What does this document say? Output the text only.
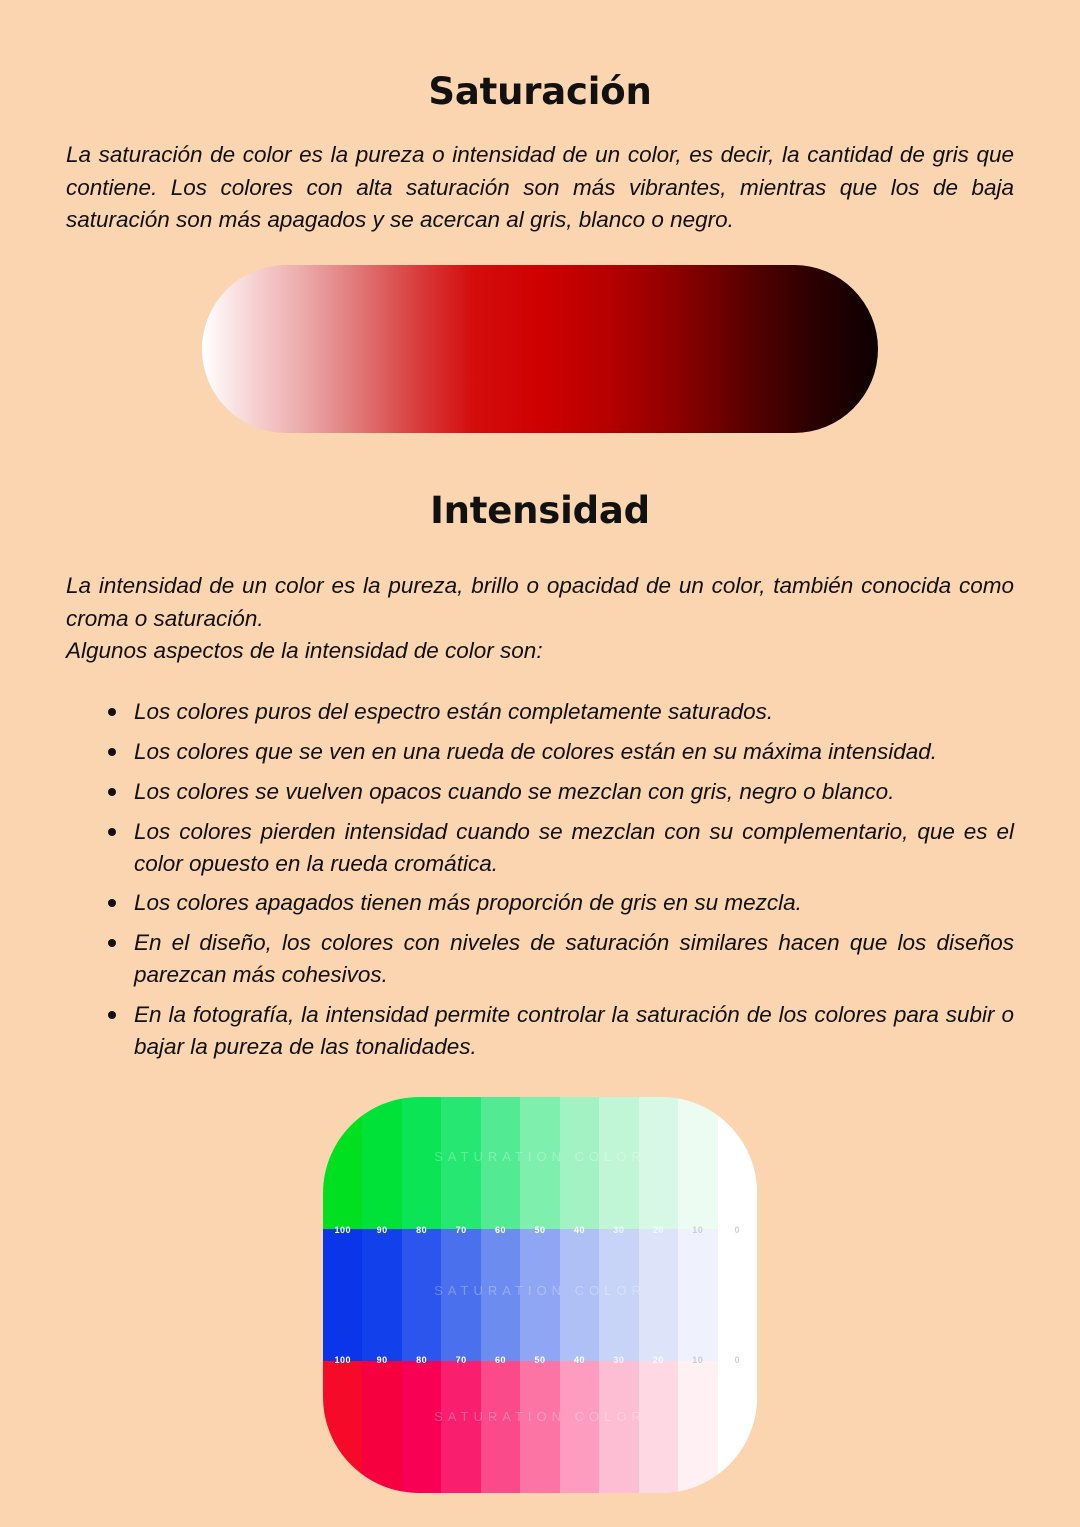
Saturación

La saturación de color es la pureza o intensidad de un color, es decir, la cantidad de gris que contiene. Los colores con alta saturación son más vibrantes, mientras que los de baja saturación son más apagados y se acercan al gris, blanco o negro.

Intensidad

La intensidad de un color es la pureza, brillo o opacidad de un color, también conocida como croma o saturación.

Algunos aspectos de la intensidad de color son:

Los colores puros del espectro están completamente saturados.
Los colores que se ven en una rueda de colores están en su máxima intensidad.
Los colores se vuelven opacos cuando se mezclan con gris, negro o blanco.
Los colores pierden intensidad cuando se mezclan con su complementario, que es el color opuesto en la rueda cromática.
Los colores apagados tienen más proporción de gris en su mezcla.
En el diseño, los colores con niveles de saturación similares hacen que los diseños parezcan más cohesivos.
En la fotografía, la intensidad permite controlar la saturación de los colores para subir o bajar la pureza de las tonalidades.
SATURATION COLOR
SATURATION COLOR
SATURATION COLOR
100	90	80	70	60	50	40	30	20	10	0
100	90	80	70	60	50	40	30	20	10	0
